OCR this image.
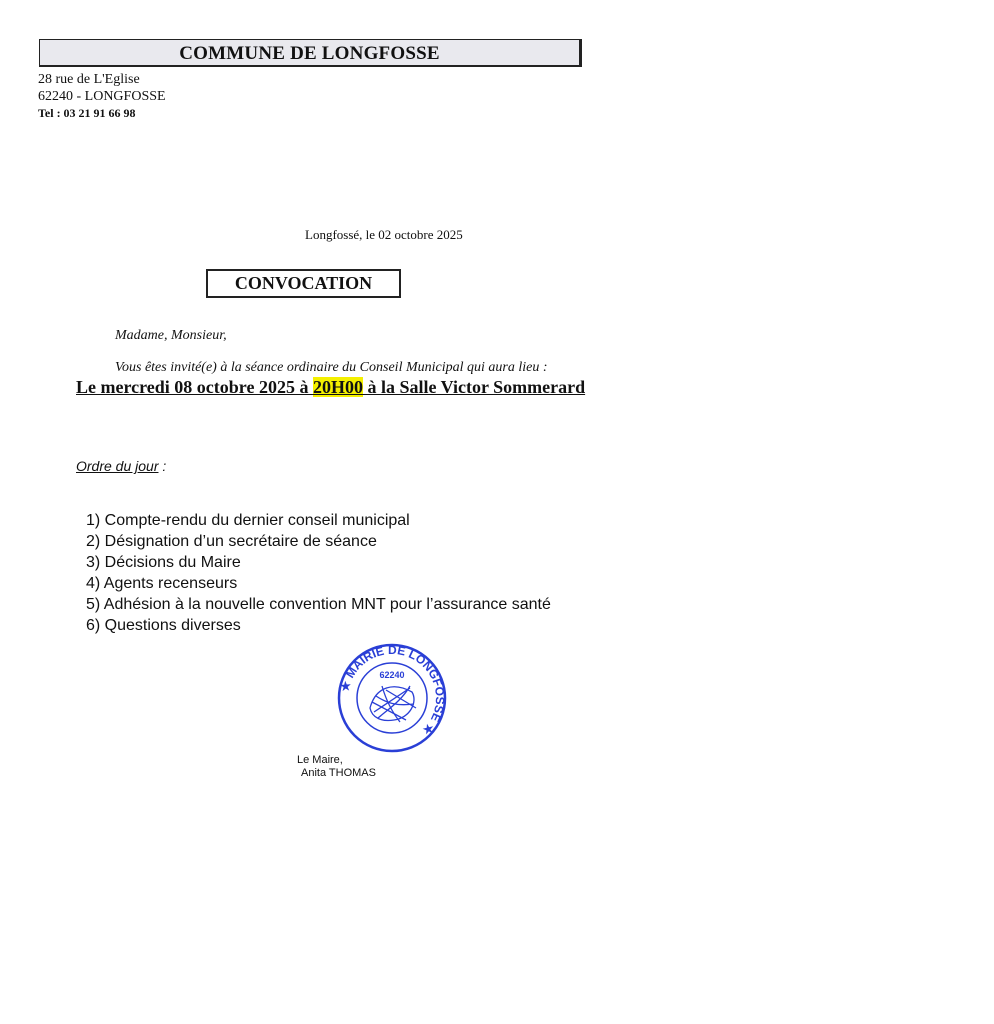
COMMUNE DE LONGFOSSE
28 rue de L'Eglise
62240 - LONGFOSSE
Tel : 03 21 91 66 98
Longfossé, le 02 octobre 2025
CONVOCATION
Madame, Monsieur,
Vous êtes invité(e) à la séance ordinaire du Conseil Municipal qui aura lieu :
Le mercredi 08 octobre 2025 à 20H00 à la Salle Victor Sommerard
Ordre du jour :
1) Compte-rendu du dernier conseil municipal
2) Désignation d’un secrétaire de séance
3) Décisions du Maire
4) Agents recenseurs
5) Adhésion à la nouvelle convention MNT pour l’assurance santé
6) Questions diverses
★ MAIRIE DE LONGFOSSE ★
62240
Le Maire,
Anita THOMAS
